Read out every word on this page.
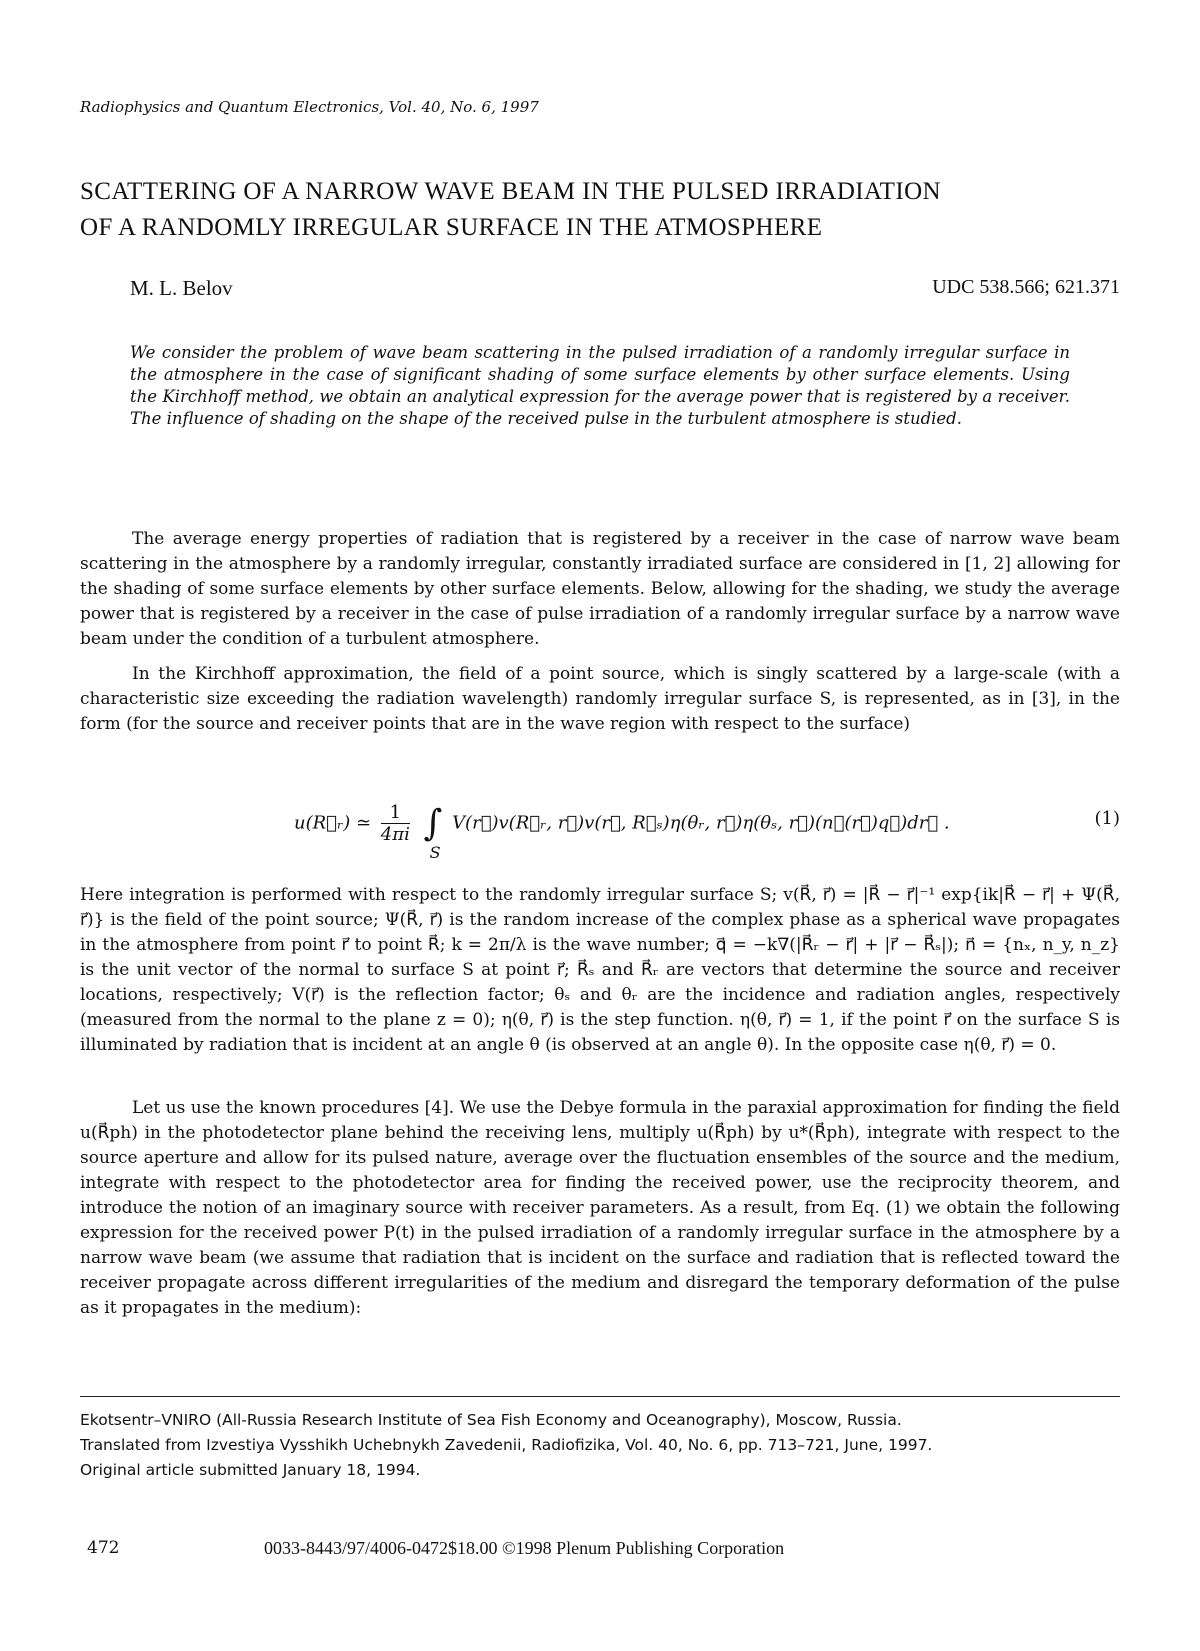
Radiophysics and Quantum Electronics, Vol. 40, No. 6, 1997
SCATTERING OF A NARROW WAVE BEAM IN THE PULSED IRRADIATION
OF A RANDOMLY IRREGULAR SURFACE IN THE ATMOSPHERE
M. L. Belov	UDC 538.566; 621.371
We consider the problem of wave beam scattering in the pulsed irradiation of a randomly irregular surface in the atmosphere in the case of significant shading of some surface elements by other surface elements. Using the Kirchhoff method, we obtain an analytical expression for the average power that is registered by a receiver. The influence of shading on the shape of the received pulse in the turbulent atmosphere is studied.

The average energy properties of radiation that is registered by a receiver in the case of narrow wave beam scattering in the atmosphere by a randomly irregular, constantly irradiated surface are considered in [1, 2] allowing for the shading of some surface elements by other surface elements. Below, allowing for the shading, we study the average power that is registered by a receiver in the case of pulse irradiation of a randomly irregular surface by a narrow wave beam under the condition of a turbulent atmosphere.

In the Kirchhoff approximation, the field of a point source, which is singly scattered by a large-scale (with a characteristic size exceeding the radiation wavelength) randomly irregular surface S, is represented, as in [3], in the form (for the source and receiver points that are in the wave region with respect to the surface)

u(R⃗ᵣ) ≃ $\frac{1}{4\pi i}$ ∫
S
V(r⃗)v(R⃗ᵣ, r⃗)v(r⃗, R⃗ₛ)η(θᵣ, r⃗)η(θₛ, r⃗)(n⃗(r⃗)q⃗)dr⃗ .	(1)

Here integration is performed with respect to the randomly irregular surface S; v(R⃗, r⃗) = |R⃗ − r⃗|⁻¹ exp{ik|R⃗ − r⃗| + Ψ(R⃗, r⃗)} is the field of the point source; Ψ(R⃗, r⃗) is the random increase of the complex phase as a spherical wave propagates in the atmosphere from point r⃗ to point R⃗; k = 2π/λ is the wave number; q⃗ = −k∇(|R⃗ᵣ − r⃗| + |r⃗ − R⃗ₛ|); n⃗ = {nₓ, n_y, n_z} is the unit vector of the normal to surface S at point r⃗; R⃗ₛ and R⃗ᵣ are vectors that determine the source and receiver locations, respectively; V(r⃗) is the reflection factor; θₛ and θᵣ are the incidence and radiation angles, respectively (measured from the normal to the plane z = 0); η(θ, r⃗) is the step function. η(θ, r⃗) = 1, if the point r⃗ on the surface S is illuminated by radiation that is incident at an angle θ (is observed at an angle θ). In the opposite case η(θ, r⃗) = 0.

Let us use the known procedures [4]. We use the Debye formula in the paraxial approximation for finding the field u(R⃗ph) in the photodetector plane behind the receiving lens, multiply u(R⃗ph) by u*(R⃗ph), integrate with respect to the source aperture and allow for its pulsed nature, average over the fluctuation ensembles of the source and the medium, integrate with respect to the photodetector area for finding the received power, use the reciprocity theorem, and introduce the notion of an imaginary source with receiver parameters. As a result, from Eq. (1) we obtain the following expression for the received power P(t) in the pulsed irradiation of a randomly irregular surface in the atmosphere by a narrow wave beam (we assume that radiation that is incident on the surface and radiation that is reflected toward the receiver propagate across different irregularities of the medium and disregard the temporary deformation of the pulse as it propagates in the medium):

Ekotsentr–VNIRO (All-Russia Research Institute of Sea Fish Economy and Oceanography), Moscow, Russia.
Translated from Izvestiya Vysshikh Uchebnykh Zavedenii, Radiofizika, Vol. 40, No. 6, pp. 713–721, June, 1997.
Original article submitted January 18, 1994.
472	0033-8443/97/4006-0472$18.00 ©1998 Plenum Publishing Corporation
